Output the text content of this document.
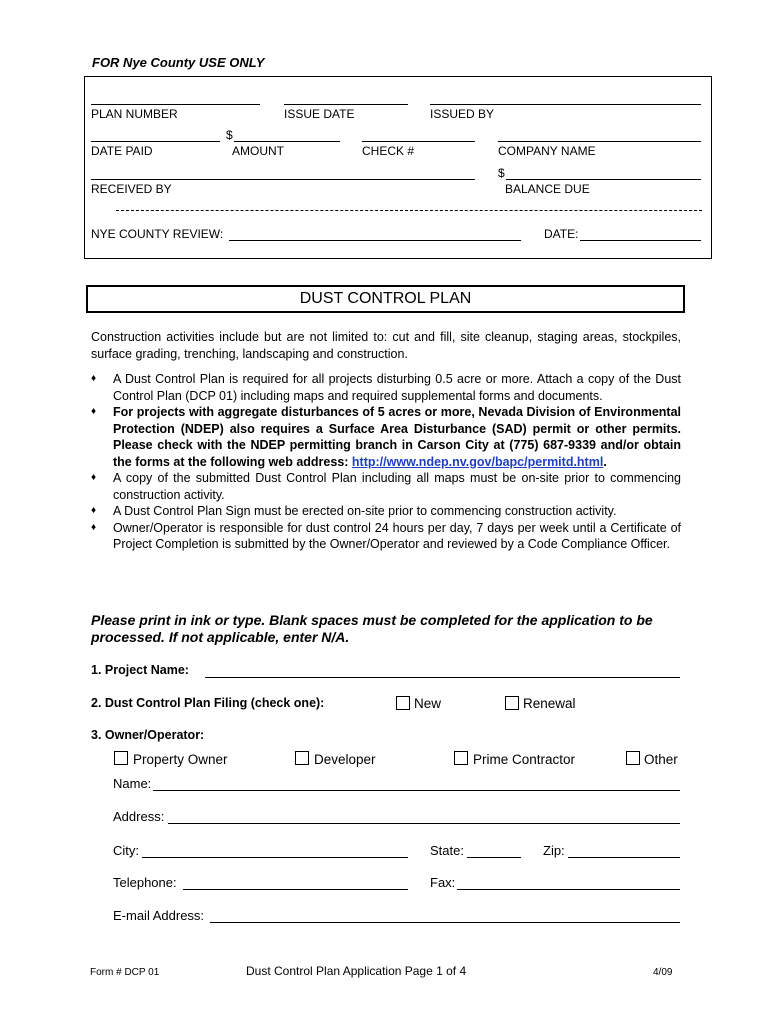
FOR Nye County USE ONLY
PLAN NUMBER	ISSUE DATE	ISSUED BY
$
DATE PAID	AMOUNT	CHECK #	COMPANY NAME
$
RECEIVED BY	BALANCE DUE
NYE COUNTY REVIEW:	DATE:
DUST CONTROL PLAN
Construction activities include but are not limited to: cut and fill, site cleanup, staging areas, stockpiles, surface grading, trenching, landscaping and construction.
♦ A Dust Control Plan is required for all projects disturbing 0.5 acre or more. Attach a copy of the Dust Control Plan (DCP 01) including maps and required supplemental forms and documents.
♦ For projects with aggregate disturbances of 5 acres or more, Nevada Division of Environmental Protection (NDEP) also requires a Surface Area Disturbance (SAD) permit or other permits. Please check with the NDEP permitting branch in Carson City at (775) 687-9339 and/or obtain the forms at the following web address: http://www.ndep.nv.gov/bapc/permitd.html.
♦ A copy of the submitted Dust Control Plan including all maps must be on-site prior to commencing construction activity.
♦ A Dust Control Plan Sign must be erected on-site prior to commencing construction activity.
♦ Owner/Operator is responsible for dust control 24 hours per day, 7 days per week until a Certificate of Project Completion is submitted by the Owner/Operator and reviewed by a Code Compliance Officer.
Please print in ink or type. Blank spaces must be completed for the application to be processed. If not applicable, enter N/A.
1. Project Name:
2. Dust Control Plan Filing (check one):	New	Renewal
3. Owner/Operator:
Property Owner	Developer	Prime Contractor	Other
Name:
Address:
City:	State:	Zip:
Telephone:	Fax:
E-mail Address:
Form # DCP 01	Dust Control Plan Application Page 1 of 4	4/09
